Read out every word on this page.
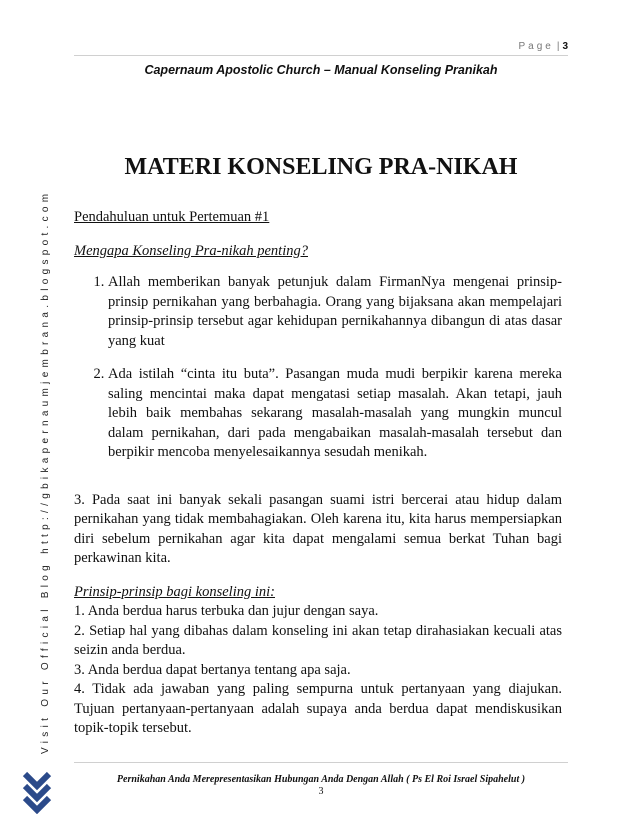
Page | 3
Capernaum Apostolic Church – Manual Konseling Pranikah
Visit Our Official Blog http://gbikapernaumjembrana.blogspot.com
MATERI KONSELING PRA-NIKAH

Pendahuluan untuk Pertemuan #1

Mengapa Konseling Pra-nikah penting?

1. Allah memberikan banyak petunjuk dalam FirmanNya mengenai prinsip-prinsip pernikahan yang berbahagia. Orang yang bijaksana akan mempelajari prinsip-prinsip tersebut agar kehidupan pernikahannya dibangun di atas dasar yang kuat
2. Ada istilah “cinta itu buta”. Pasangan muda mudi berpikir karena mereka saling mencintai maka dapat mengatasi setiap masalah. Akan tetapi, jauh lebih baik membahas sekarang masalah-masalah yang mungkin muncul dalam pernikahan, dari pada mengabaikan masalah-masalah tersebut dan berpikir mencoba menyelesaikannya sesudah menikah.

3. Pada saat ini banyak sekali pasangan suami istri bercerai atau hidup dalam pernikahan yang tidak membahagiakan. Oleh karena itu, kita harus mempersiapkan diri sebelum pernikahan agar kita dapat mengalami semua berkat Tuhan bagi perkawinan kita.

Prinsip-prinsip bagi konseling ini:

1. Anda berdua harus terbuka dan jujur dengan saya.

2. Setiap hal yang dibahas dalam konseling ini akan tetap dirahasiakan kecuali atas seizin anda berdua.

3. Anda berdua dapat bertanya tentang apa saja.

4. Tidak ada jawaban yang paling sempurna untuk pertanyaan yang diajukan. Tujuan pertanyaan-pertanyaan adalah supaya anda berdua dapat mendiskusikan topik-topik tersebut.

Pernikahan Anda Merepresentasikan Hubungan Anda Dengan Allah ( Ps El Roi Israel Sipahelut )
3
